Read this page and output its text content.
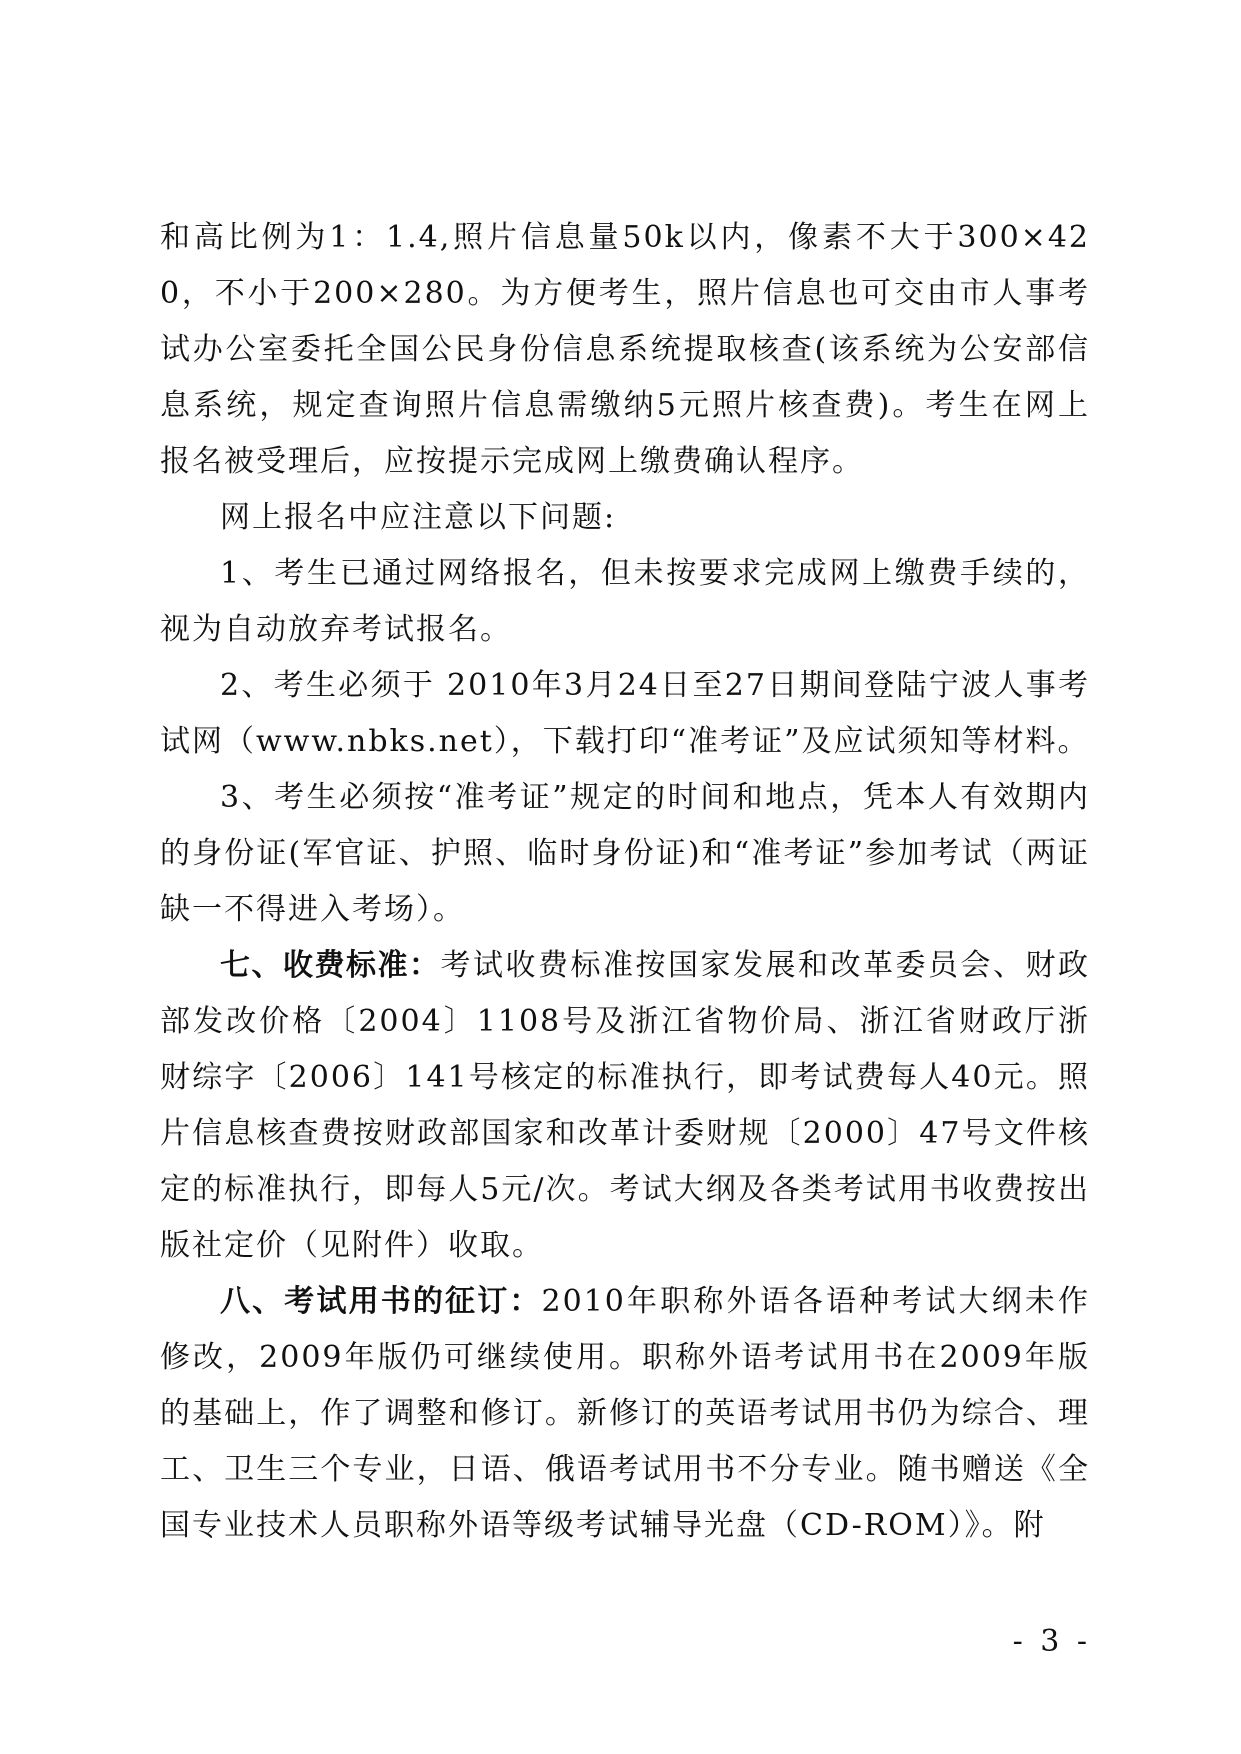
和高比例为1：1.4,照片信息量50k以内，像素不大于300×420，不小于200×280。为方便考生，照片信息也可交由市人事考试办公室委托全国公民身份信息系统提取核查(该系统为公安部信息系统，规定查询照片信息需缴纳5元照片核查费)。考生在网上报名被受理后，应按提示完成网上缴费确认程序。

网上报名中应注意以下问题:

1、考生已通过网络报名，但未按要求完成网上缴费手续的，视为自动放弃考试报名。

2、考生必须于 2010年3月24日至27日期间登陆宁波人事考试网（www.nbks.net），下载打印“准考证”及应试须知等材料。

3、考生必须按“准考证”规定的时间和地点，凭本人有效期内的身份证(军官证、护照、临时身份证)和“准考证”参加考试（两证缺一不得进入考场）。

七、收费标准：考试收费标准按国家发展和改革委员会、财政部发改价格〔2004〕1108号及浙江省物价局、浙江省财政厅浙财综字〔2006〕141号核定的标准执行，即考试费每人40元。照片信息核查费按财政部国家和改革计委财规〔2000〕47号文件核定的标准执行，即每人5元/次。考试大纲及各类考试用书收费按出版社定价（见附件）收取。

八、考试用书的征订：2010年职称外语各语种考试大纲未作修改，2009年版仍可继续使用。职称外语考试用书在2009年版的基础上，作了调整和修订。新修订的英语考试用书仍为综合、理工、卫生三个专业，日语、俄语考试用书不分专业。随书赠送《全国专业技术人员职称外语等级考试辅导光盘（CD-ROM）》。附

- 3 -
